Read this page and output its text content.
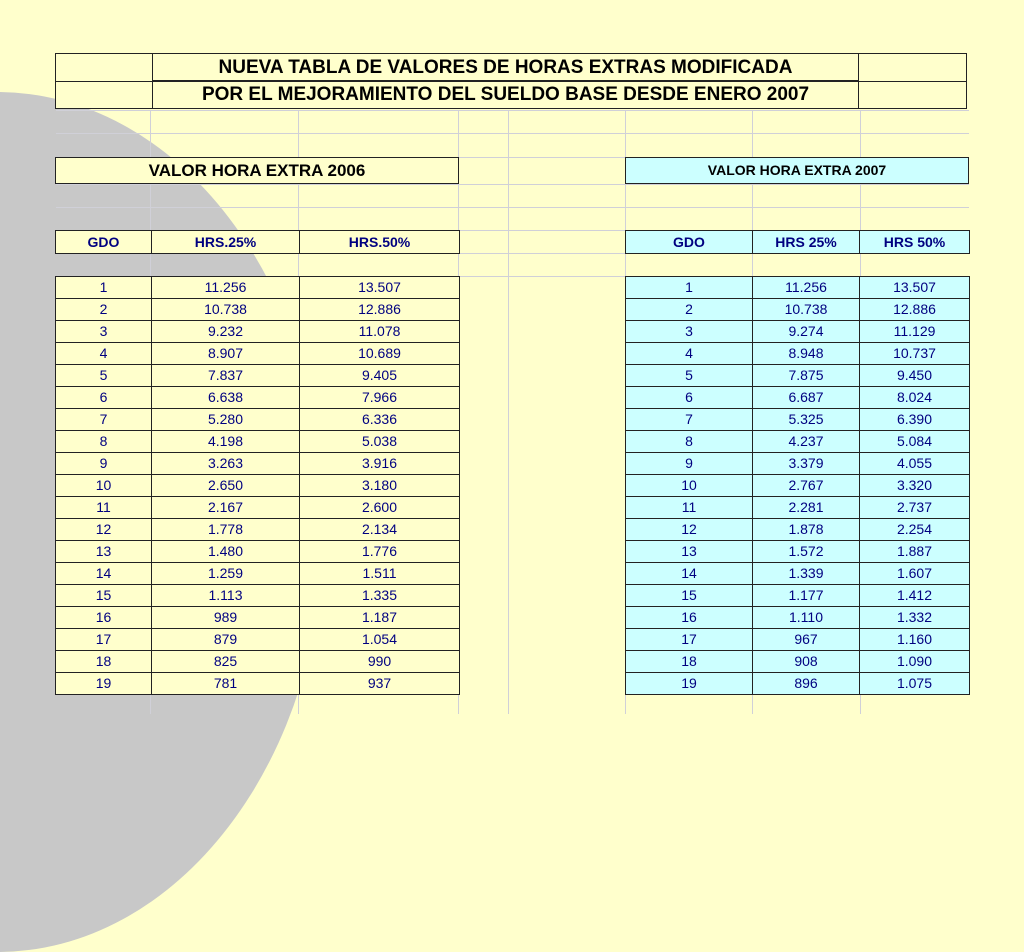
NUEVA TABLA DE VALORES DE HORAS EXTRAS MODIFICADA
POR EL MEJORAMIENTO DEL SUELDO BASE DESDE ENERO 2007
VALOR HORA EXTRA 2006	VALOR HORA EXTRA 2007
GDO	HRS.25%	HRS.50%	GDO	HRS 25%	HRS 50%
1	11.256	13.507
2	10.738	12.886
3	9.232	11.078
4	8.907	10.689
5	7.837	9.405
6	6.638	7.966
7	5.280	6.336
8	4.198	5.038
9	3.263	3.916
10	2.650	3.180
11	2.167	2.600
12	1.778	2.134
13	1.480	1.776
14	1.259	1.511
15	1.113	1.335
16	989	1.187
17	879	1.054
18	825	990
19	781	937
1	11.256	13.507
2	10.738	12.886
3	9.274	11.129
4	8.948	10.737
5	7.875	9.450
6	6.687	8.024
7	5.325	6.390
8	4.237	5.084
9	3.379	4.055
10	2.767	3.320
11	2.281	2.737
12	1.878	2.254
13	1.572	1.887
14	1.339	1.607
15	1.177	1.412
16	1.110	1.332
17	967	1.160
18	908	1.090
19	896	1.075
